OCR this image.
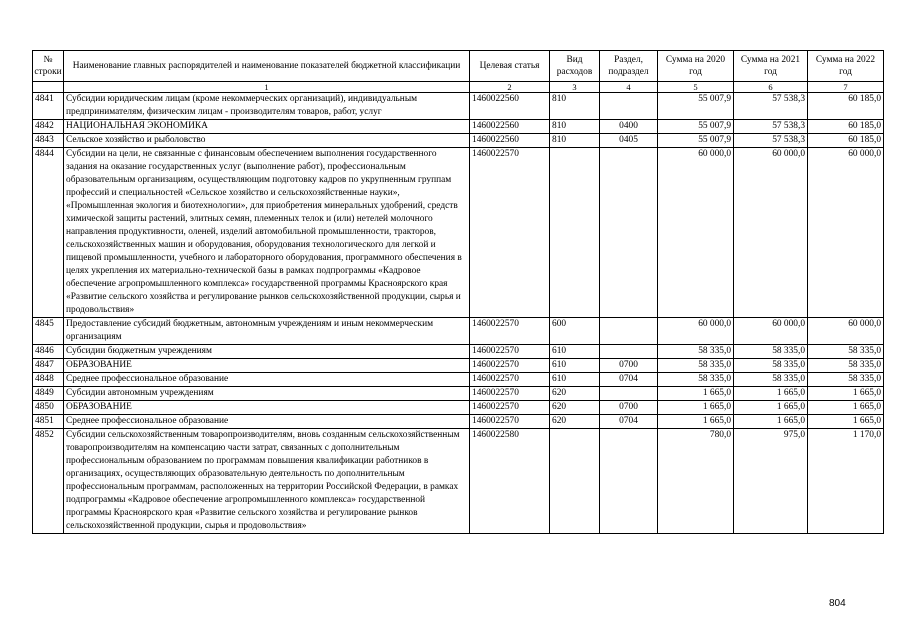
№ строки	Наименование главных распорядителей и наименование показателей бюджетной классификации	Целевая статья	Вид расходов	Раздел, подраздел	Сумма на 2020 год	Сумма на 2021 год	Сумма на 2022 год
	1	2	3	4	5	6	7
4841	Субсидии юридическим лицам (кроме некоммерческих организаций), индивидуальным предпринимателям, физическим лицам - производителям товаров, работ, услуг	1460022560	810		55 007,9	57 538,3	60 185,0
4842	НАЦИОНАЛЬНАЯ ЭКОНОМИКА	1460022560	810	0400	55 007,9	57 538,3	60 185,0
4843	Сельское хозяйство и рыболовство	1460022560	810	0405	55 007,9	57 538,3	60 185,0
4844	Субсидии на цели, не связанные с финансовым обеспечением выполнения государственного задания на оказание государственных услуг (выполнение работ), профессиональным образовательным организациям, осуществляющим подготовку кадров по укрупненным группам профессий и специальностей «Сельское хозяйство и сельскохозяйственные науки», «Промышленная экология и биотехнологии», для приобретения минеральных удобрений, средств химической защиты растений, элитных семян, племенных телок и (или) нетелей молочного направления продуктивности, оленей, изделий автомобильной промышленности, тракторов, сельскохозяйственных машин и оборудования, оборудования технологического для легкой и пищевой промышленности, учебного и лабораторного оборудования, программного обеспечения в целях укрепления их материально-технической базы в рамках подпрограммы «Кадровое обеспечение агропромышленного комплекса» государственной программы Красноярского края «Развитие сельского хозяйства и регулирование рынков сельскохозяйственной продукции, сырья и продовольствия»	1460022570			60 000,0	60 000,0	60 000,0
4845	Предоставление субсидий бюджетным, автономным учреждениям и иным некоммерческим организациям	1460022570	600		60 000,0	60 000,0	60 000,0
4846	Субсидии бюджетным учреждениям	1460022570	610		58 335,0	58 335,0	58 335,0
4847	ОБРАЗОВАНИЕ	1460022570	610	0700	58 335,0	58 335,0	58 335,0
4848	Среднее профессиональное образование	1460022570	610	0704	58 335,0	58 335,0	58 335,0
4849	Субсидии автономным учреждениям	1460022570	620		1 665,0	1 665,0	1 665,0
4850	ОБРАЗОВАНИЕ	1460022570	620	0700	1 665,0	1 665,0	1 665,0
4851	Среднее профессиональное образование	1460022570	620	0704	1 665,0	1 665,0	1 665,0
4852	Субсидии сельскохозяйственным товаропроизводителям, вновь созданным сельскохозяйственным товаропроизводителям на компенсацию части затрат, связанных с дополнительным профессиональным образованием по программам повышения квалификации работников в организациях, осуществляющих образовательную деятельность по дополнительным профессиональным программам, расположенных на территории Российской Федерации, в рамках подпрограммы «Кадровое обеспечение агропромышленного комплекса» государственной программы Красноярского края «Развитие сельского хозяйства и регулирование рынков сельскохозяйственной продукции, сырья и продовольствия»	1460022580			780,0	975,0	1 170,0
804
